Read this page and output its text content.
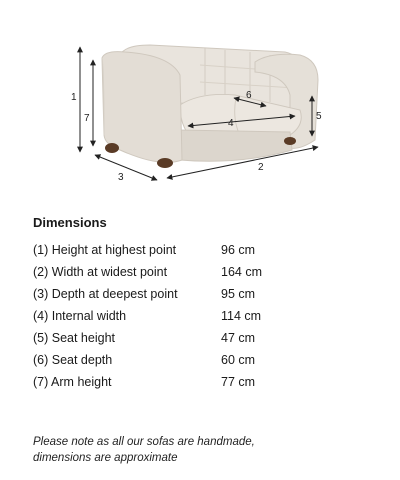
1
7
3
2
5
4
6
Dimensions
(1) Height at highest point	96 cm
(2) Width at widest point	164 cm
(3) Depth at deepest point	95 cm
(4) Internal width	114 cm
(5) Seat height	47 cm
(6) Seat depth	60 cm
(7) Arm height	77 cm
Please note as all our sofas are handmade,
dimensions are approximate
